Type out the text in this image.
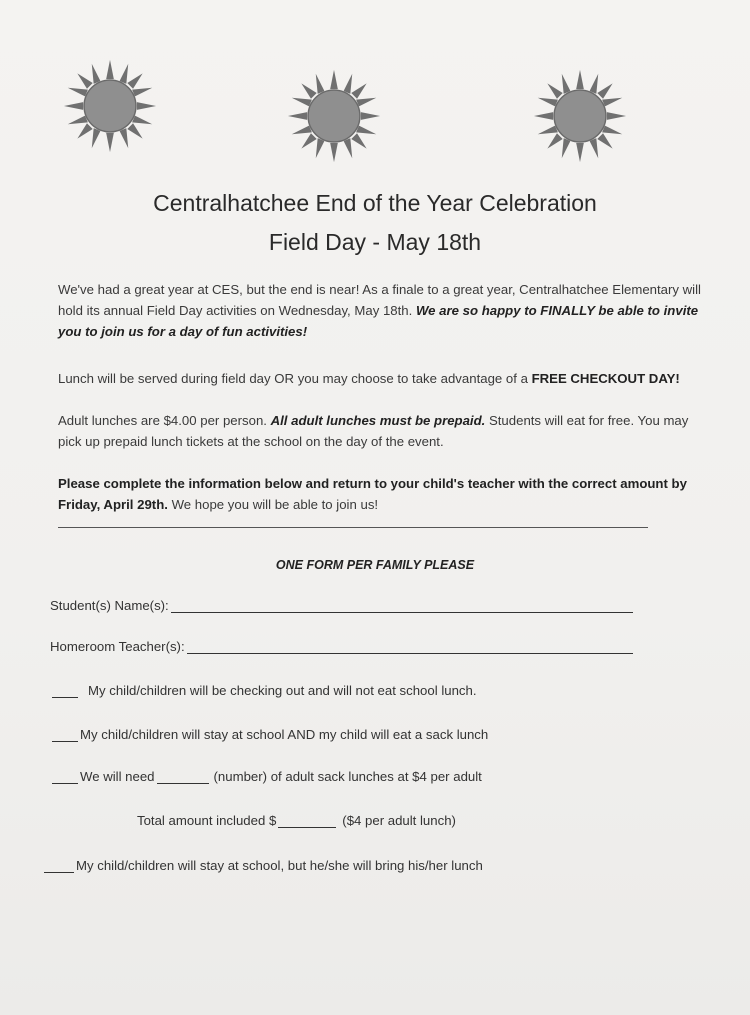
Centralhatchee End of the Year Celebration
Field Day - May 18th
We've had a great year at CES, but the end is near! As a finale to a great year, Centralhatchee Elementary will hold its annual Field Day activities on Wednesday, May 18th. We are so happy to FINALLY be able to invite you to join us for a day of fun activities!
Lunch will be served during field day OR you may choose to take advantage of a FREE CHECKOUT DAY!
Adult lunches are $4.00 per person. All adult lunches must be prepaid. Students will eat for free. You may pick up prepaid lunch tickets at the school on the day of the event.
Please complete the information below and return to your child's teacher with the correct amount by Friday, April 29th. We hope you will be able to join us!
ONE FORM PER FAMILY PLEASE
Student(s) Name(s):
Homeroom Teacher(s):
My child/children will be checking out and will not eat school lunch.
My child/children will stay at school AND my child will eat a sack lunch
We will need	(number) of adult sack lunches at $4 per adult
Total amount included $	($4 per adult lunch)
My child/children will stay at school, but he/she will bring his/her lunch
